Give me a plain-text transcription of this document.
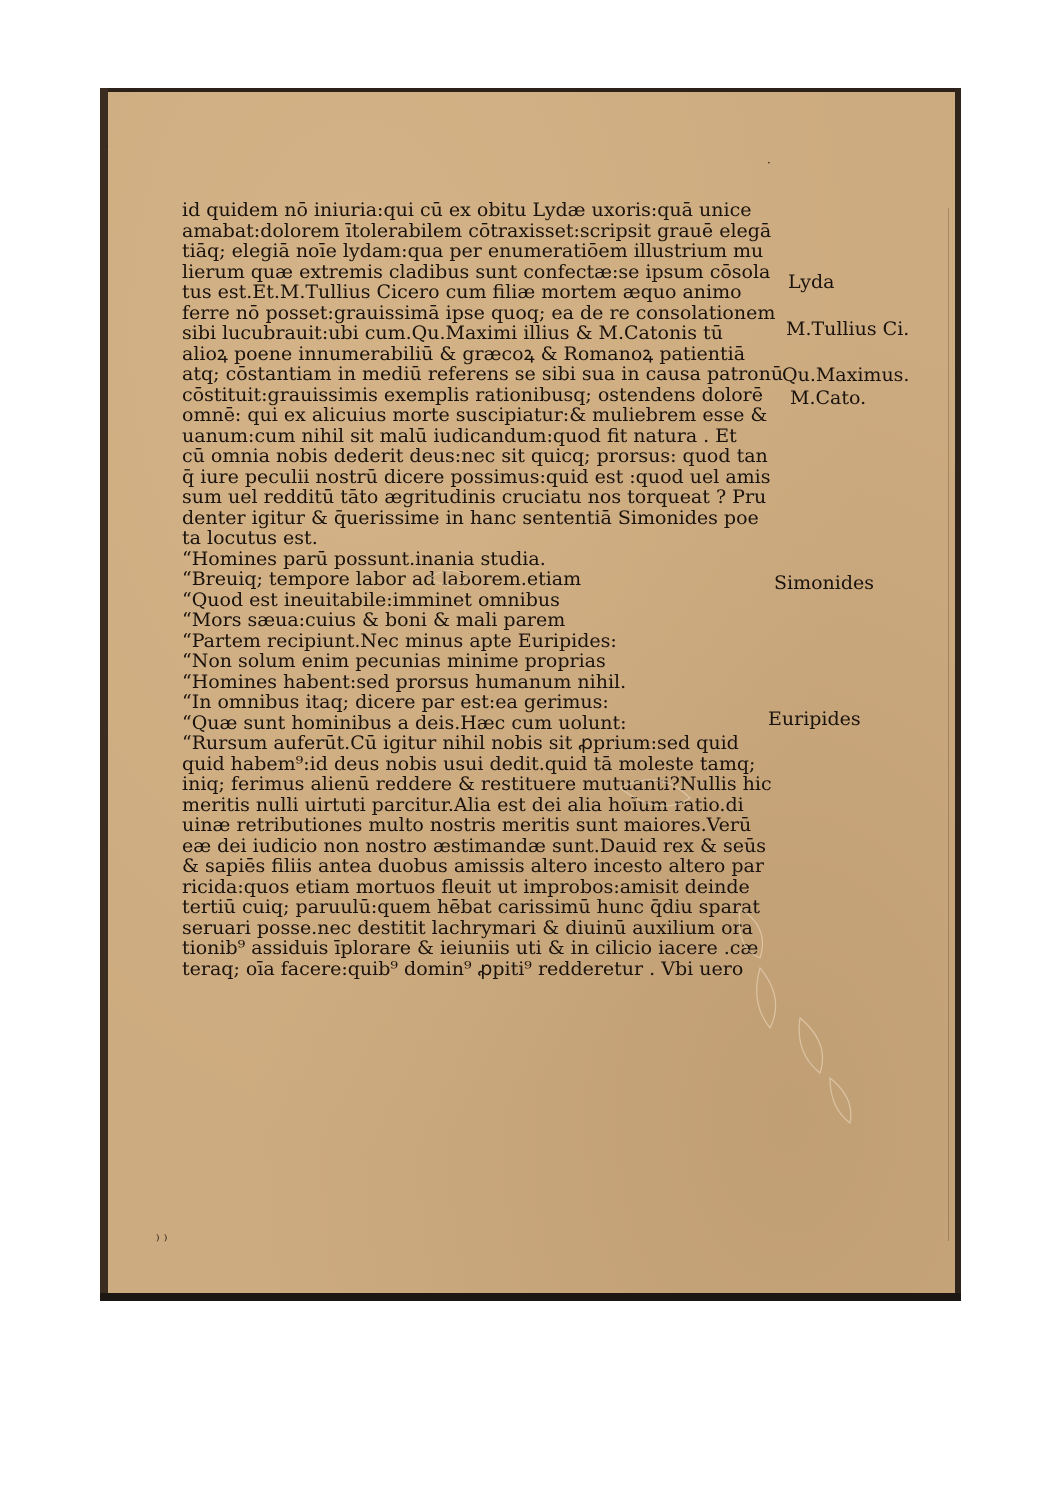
·
·
id quidem nō iniuria:qui cū ex obitu Lydæ uxoris:quā unice
amabat:dolorem ītolerabilem cōtraxisset:scripsit grauē elegā
tiāq; elegiā noīe lydam:qua per enumeratiōem illustrium mu
lierum quæ extremis cladibus sunt confectæ:se ipsum cōsola
tus est.Et.M.Tullius Cicero cum filiæ mortem æquo animo
ferre nō posset:grauissimā ipse quoq; ea de re consolationem
sibi lucubrauit:ubi cum.Qu.Maximi illius & M.Catonis tū
alioꝝ poene innumerabiliū & græcoꝝ & Romanoꝝ patientiā
atq; cōstantiam in mediū referens se sibi sua in causa patronū
cōstituit:grauissimis exemplis rationibusq; ostendens dolorē
omnē: qui ex alicuius morte suscipiatur:& muliebrem esse &
uanum:cum nihil sit malū iudicandum:quod fit natura . Et
cū omnia nobis dederit deus:nec sit quicq; prorsus: quod tan
q̄ iure peculii nostrū dicere possimus:quid est :quod uel amis
sum uel redditū tāto ægritudinis cruciatu nos torqueat ? Pru
denter igitur & q̄uerissime in hanc sententiā Simonides poe
ta locutus est.
“Homines parū possunt.inania studia.
“Breuiq; tempore labor ad laborem.etiam
“Quod est ineuitabile:imminet omnibus
“Mors sæua:cuius & boni & mali parem
“Partem recipiunt.Nec minus apte Euripides:
“Non solum enim pecunias minime proprias
“Homines habent:sed prorsus humanum nihil.
“In omnibus itaq; dicere par est:ea gerimus:
“Quæ sunt hominibus a deis.Hæc cum uolunt:
“Rursum auferūt.Cū igitur nihil nobis sit ꝓprium:sed quid
quid habem⁹:id deus nobis usui dedit.quid tā moleste tamq;
iniq; ferimus alienū reddere & restituere mutuanti?Nullis hic
meritis nulli uirtuti parcitur.Alia est dei alia hoīum ratio.di
uinæ retributiones multo nostris meritis sunt maiores.Verū
eæ dei iudicio non nostro æstimandæ sunt.Dauid rex & seūs
& sapiēs filiis antea duobus amissis altero incesto altero par
ricida:quos etiam mortuos fleuit ut improbos:amisit deinde
tertiū cuiq; paruulū:quem hēbat carissimū hunc q̄diu sparat
seruari posse.nec destitit lachrymari & diuinū auxilium ora
tionib⁹ assiduis īplorare & ieiuniis uti & in cilicio iacere .cæ
teraq; oīa facere:quib⁹ domin⁹ ꝓpiti⁹ redderetur . Vbi uero
Lyda
M.Tullius Ci.
Qu.Maximus.
M.Cato.
Simonides
Euripides
⁾ ⁾
